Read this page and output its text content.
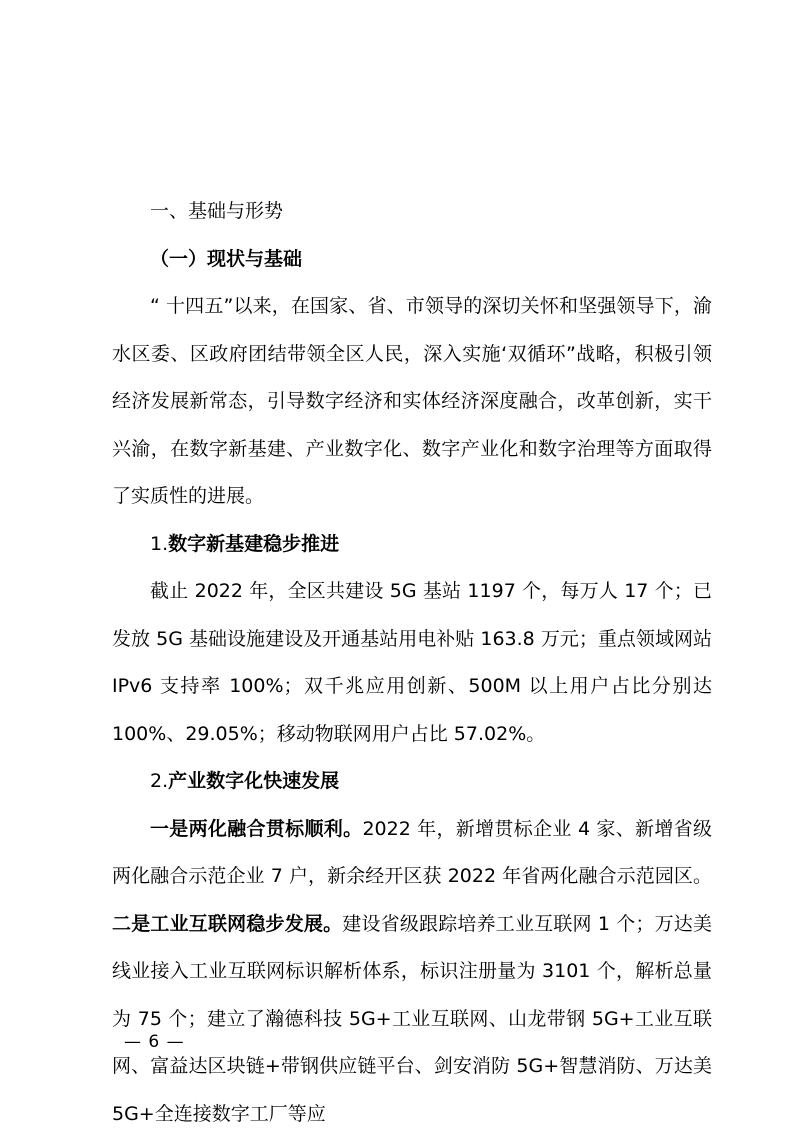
一、基础与形势

（一）现状与基础

“ 十四五”以来，在国家、省、市领导的深切关怀和坚强领导下，渝水区委、区政府团结带领全区人民，深入实施‘双循环”战略，积极引领经济发展新常态，引导数字经济和实体经济深度融合，改革创新，实干兴渝，在数字新基建、产业数字化、数字产业化和数字治理等方面取得了实质性的进展。

1.数字新基建稳步推进

截止 2022 年，全区共建设 5G 基站 1197 个，每万人 17 个；已发放 5G 基础设施建设及开通基站用电补贴 163.8 万元；重点领域网站 IPv6 支持率 100%；双千兆应用创新、500M 以上用户占比分别达 100%、29.05%；移动物联网用户占比 57.02%。

2.产业数字化快速发展

一是两化融合贯标顺利。2022 年，新增贯标企业 4 家、新增省级两化融合示范企业 7 户，新余经开区获 2022 年省两化融合示范园区。二是工业互联网稳步发展。建设省级跟踪培养工业互联网 1 个；万达美线业接入工业互联网标识解析体系，标识注册量为 3101 个，解析总量为 75 个；建立了瀚德科技 5G+工业互联网、山龙带钢 5G+工业互联网、富益达区块链+带钢供应链平台、剑安消防 5G+智慧消防、万达美 5G+全连接数字工厂等应

— 6 —
